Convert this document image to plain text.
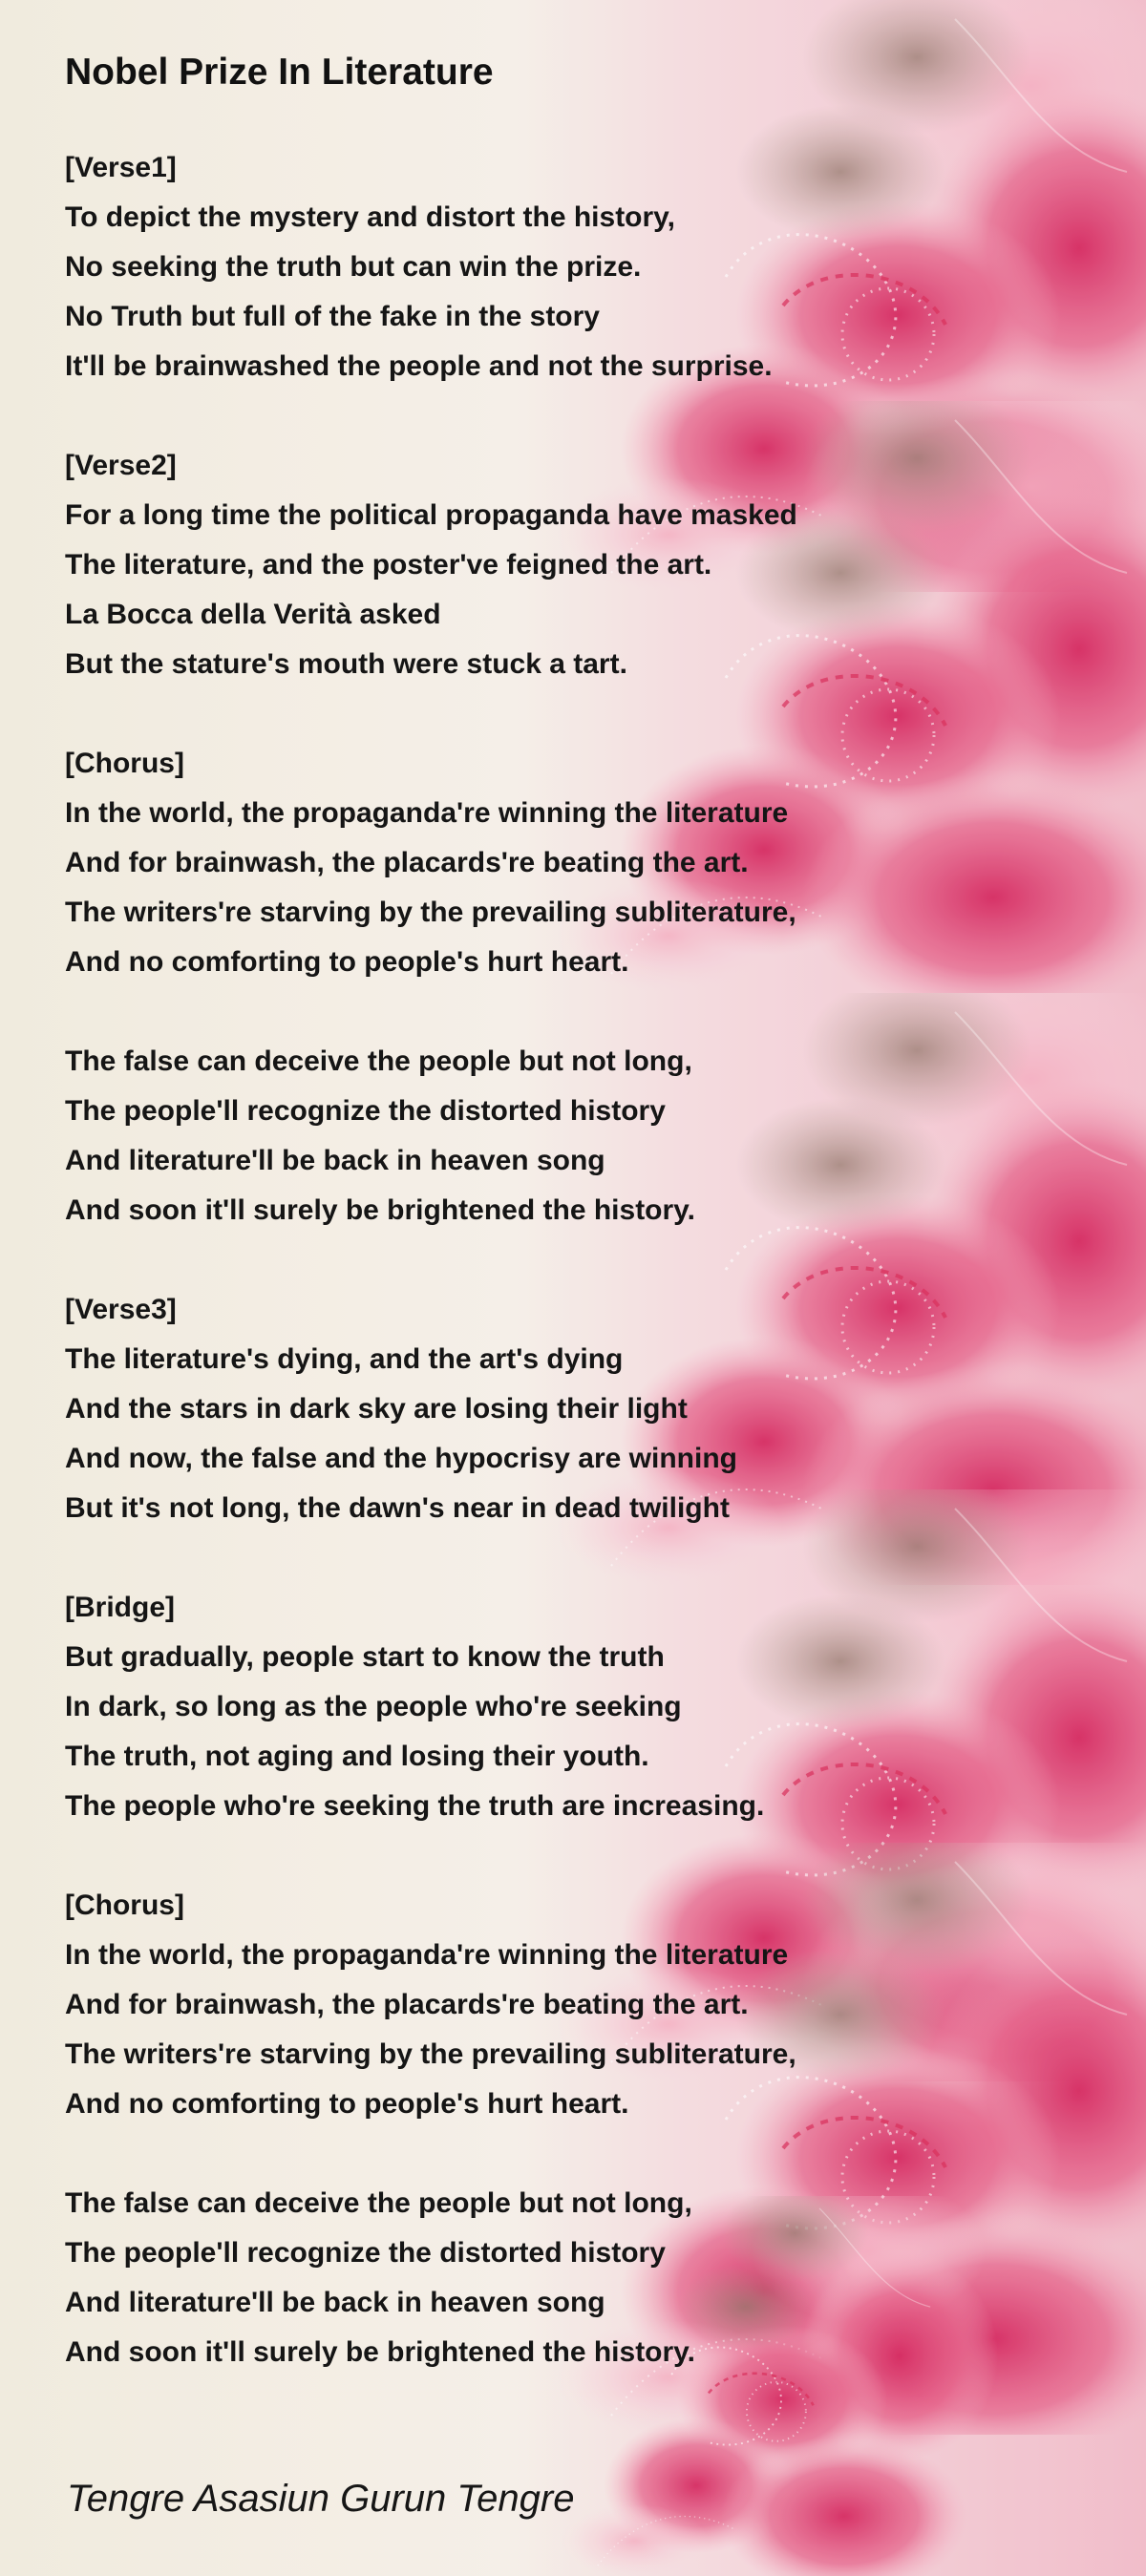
Nobel Prize In Literature
[Verse1]
To depict the mystery and distort the history,
No seeking the truth but can win the prize.
No Truth but full of the fake in the story
It'll be brainwashed the people and not the surprise.
[Verse2]
For a long time the political propaganda have masked
The literature, and the poster've feigned the art.
La Bocca della Verità asked
But the stature's mouth were stuck a tart.
[Chorus]
In the world, the propaganda're winning the literature
And for brainwash, the placards're beating the art.
The writers're starving by the prevailing subliterature,
And no comforting to people's hurt heart.
The false can deceive the people but not long,
The people'll recognize the distorted history
And literature'll be back in heaven song
And soon it'll surely be brightened the history.
[Verse3]
The literature's dying, and the art's dying
And the stars in dark sky are losing their light
And now, the false and the hypocrisy are winning
But it's not long, the dawn's near in dead twilight
[Bridge]
But gradually, people start to know the truth
In dark, so long as the people who're seeking
The truth, not aging and losing their youth.
The people who're seeking the truth are increasing.
[Chorus]
In the world, the propaganda're winning the literature
And for brainwash, the placards're beating the art.
The writers're starving by the prevailing subliterature,
And no comforting to people's hurt heart.
The false can deceive the people but not long,
The people'll recognize the distorted history
And literature'll be back in heaven song
And soon it'll surely be brightened the history.
Tengre Asasiun Gurun Tengre
